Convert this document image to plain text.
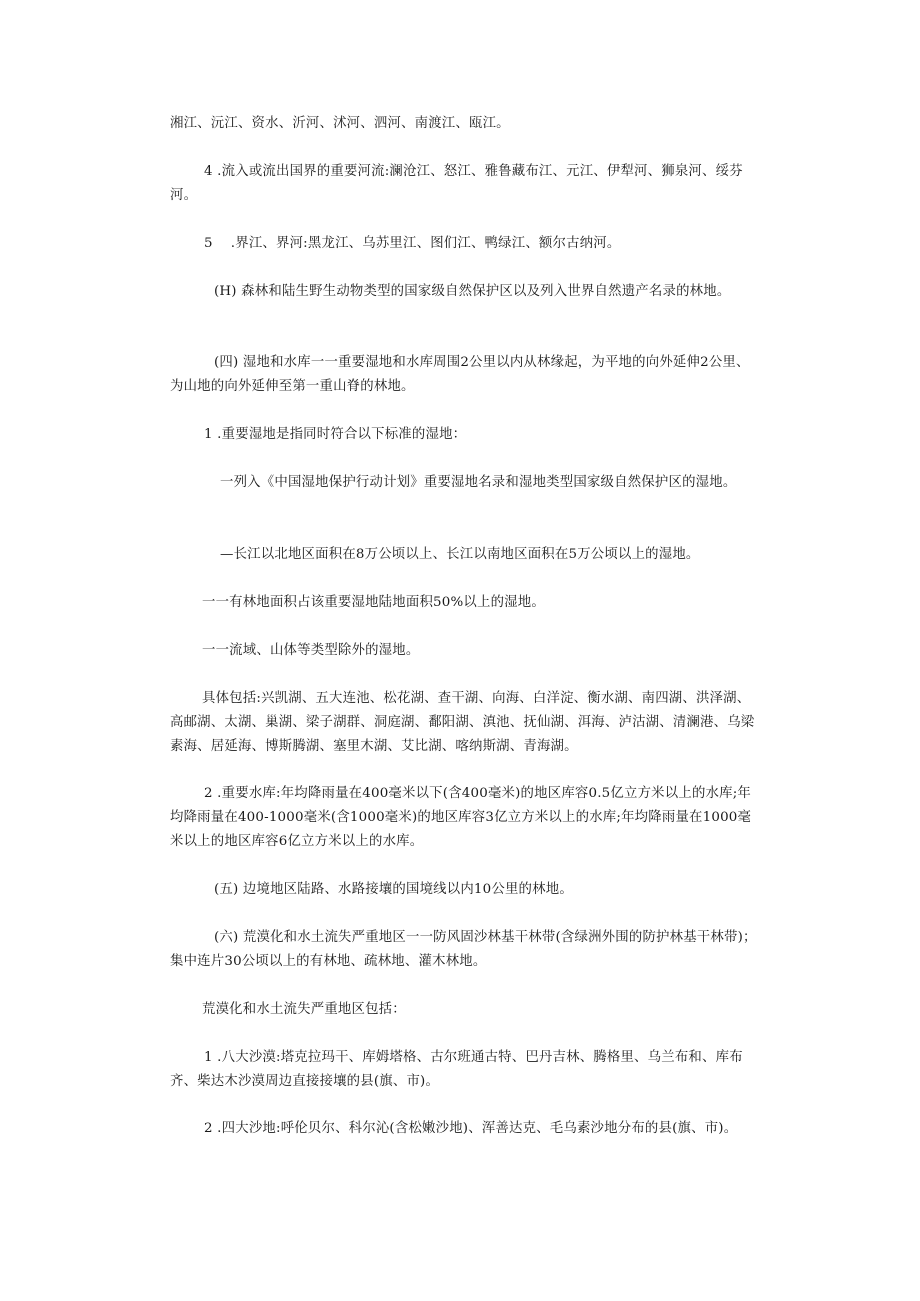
湘江、沅江、资水、沂河、沭河、泗河、南渡江、瓯江。

4 .流入或流出国界的重要河流:澜沧江、怒江、雅鲁藏布江、元江、伊犁河、狮泉河、绥芬河。

5 　.界江、界河:黑龙江、乌苏里江、图们江、鸭绿江、额尔古纳河。

(H) 森林和陆生野生动物类型的国家级自然保护区以及列入世界自然遗产名录的林地。

(四) 湿地和水库一一重要湿地和水库周围2公里以内从林缘起，为平地的向外延伸2公里、为山地的向外延伸至第一重山脊的林地。

1 .重要湿地是指同时符合以下标准的湿地：

一列入《中国湿地保护行动计划》重要湿地名录和湿地类型国家级自然保护区的湿地。

—长江以北地区面积在8万公顷以上、长江以南地区面积在5万公顷以上的湿地。

一一有林地面积占该重要湿地陆地面积50%以上的湿地。

一一流域、山体等类型除外的湿地。

具体包括:兴凯湖、五大连池、松花湖、查干湖、向海、白洋淀、衡水湖、南四湖、洪泽湖、高邮湖、太湖、巢湖、梁子湖群、洞庭湖、鄱阳湖、滇池、抚仙湖、洱海、泸沽湖、清澜港、乌梁素海、居延海、博斯腾湖、塞里木湖、艾比湖、喀纳斯湖、青海湖。

2 .重要水库:年均降雨量在400毫米以下(含400毫米)的地区库容0.5亿立方米以上的水库;年均降雨量在400-1000毫米(含1000毫米)的地区库容3亿立方米以上的水库;年均降雨量在1000毫米以上的地区库容6亿立方米以上的水库。

(五) 边境地区陆路、水路接壤的国境线以内10公里的林地。

(六) 荒漠化和水土流失严重地区一一防风固沙林基干林带(含绿洲外围的防护林基干林带)；集中连片30公顷以上的有林地、疏林地、灌木林地。

荒漠化和水土流失严重地区包括：

1 .八大沙漠:塔克拉玛干、库姆塔格、古尔班通古特、巴丹吉林、腾格里、乌兰布和、库布齐、柴达木沙漠周边直接接壤的县(旗、市)。

2 .四大沙地:呼伦贝尔、科尔沁(含松嫩沙地)、浑善达克、毛乌素沙地分布的县(旗、市)。
